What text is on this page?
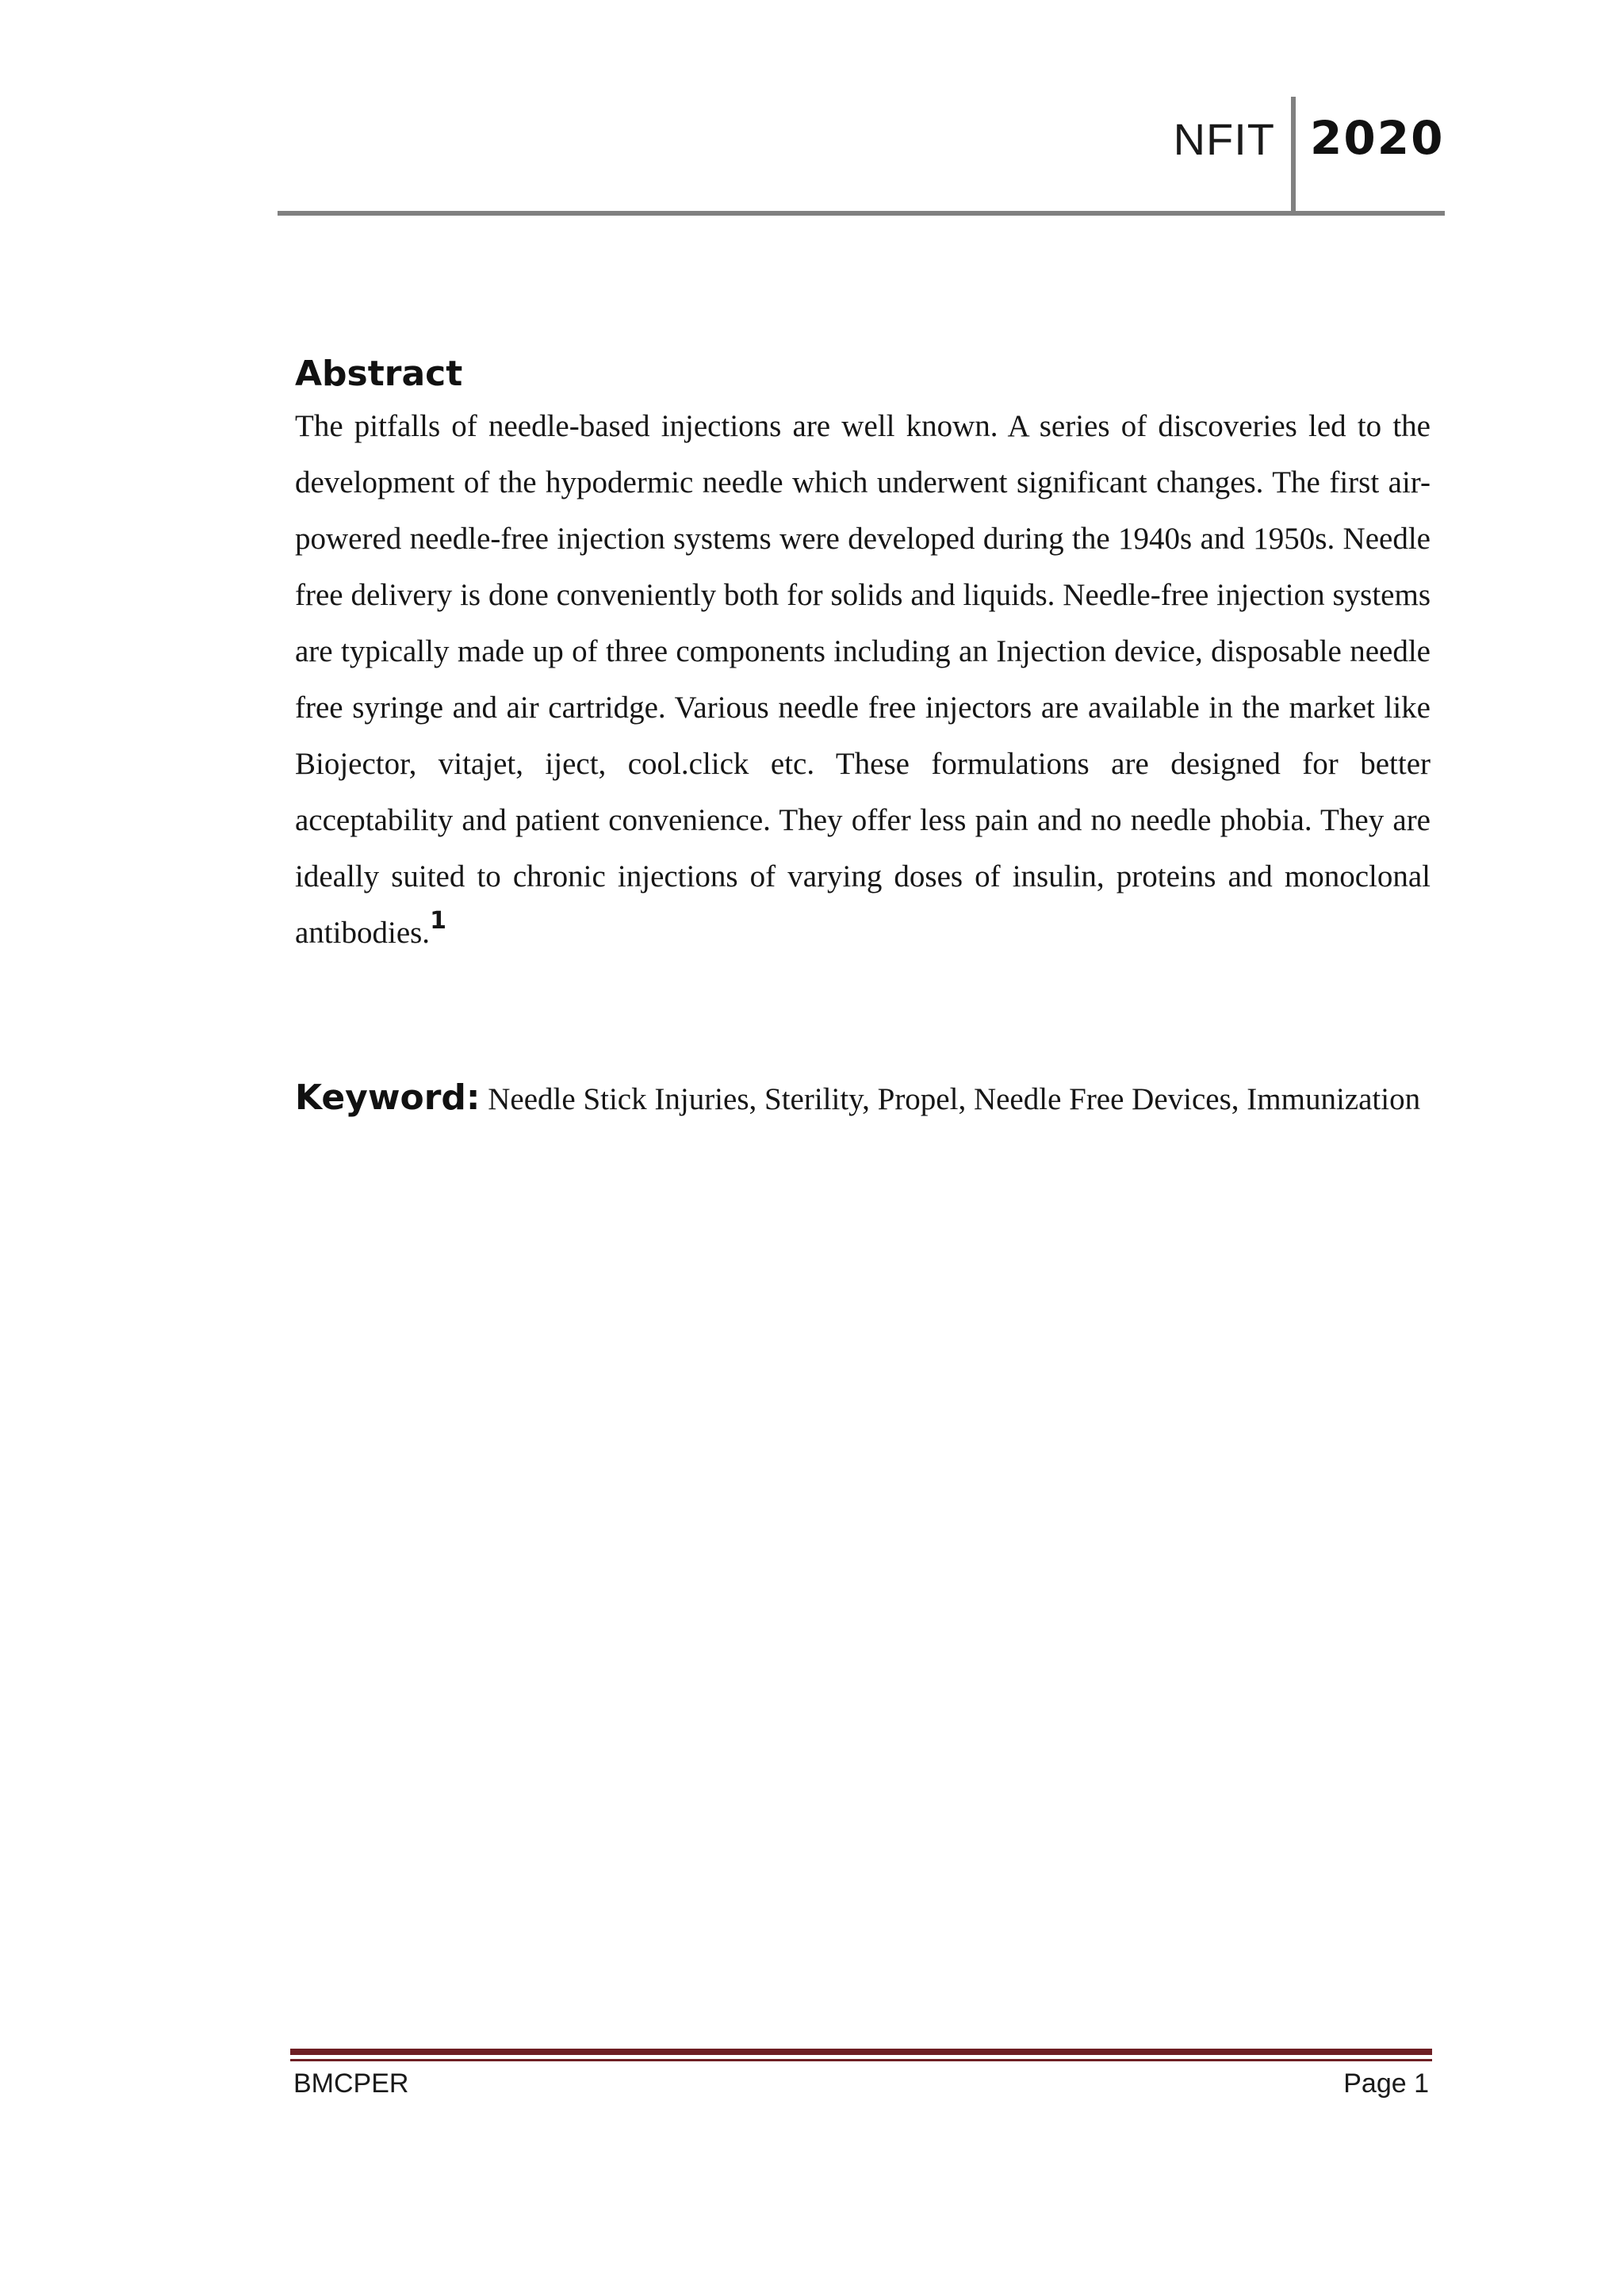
NFIT 2020
Abstract
The pitfalls of needle-based injections are well known. A series of discoveries led to the development of the hypodermic needle which underwent significant changes. The first air-powered needle-free injection systems were developed during the 1940s and 1950s. Needle free delivery is done conveniently both for solids and liquids. Needle-free injection systems are typically made up of three components including an Injection device, disposable needle free syringe and air cartridge. Various needle free injectors are available in the market like Biojector, vitajet, iject, cool.click etc. These formulations are designed for better acceptability and patient convenience. They offer less pain and no needle phobia. They are ideally suited to chronic injections of varying doses of insulin, proteins and monoclonal antibodies.$^1$
Keyword: Needle Stick Injuries, Sterility, Propel, Needle Free Devices, Immunization
BMCPER	Page 1
